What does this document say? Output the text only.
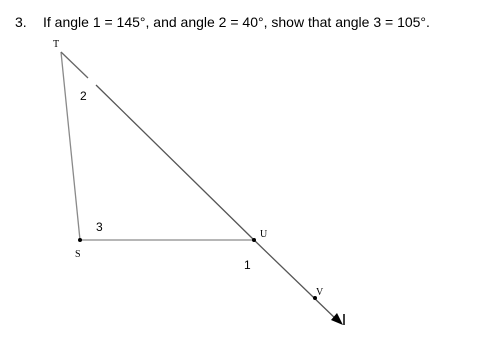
3. If angle 1 = 145°, and angle 2 = 40°, show that angle 3 = 105°.
T
S
U
V
2
3
1
